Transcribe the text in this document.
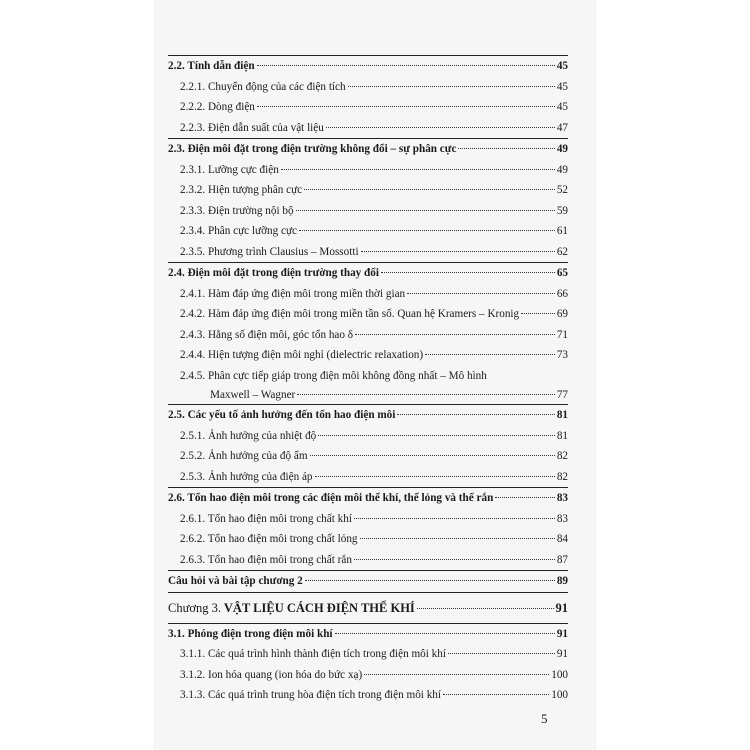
2.2. Tính dẫn điện	45
2.2.1. Chuyển động của các điện tích	45
2.2.2. Dòng điện	45
2.2.3. Điện dẫn suất của vật liệu	47
2.3. Điện môi đặt trong điện trường không đổi – sự phân cực	49
2.3.1. Lưỡng cực điện	49
2.3.2. Hiện tượng phân cực	52
2.3.3. Điện trường nội bộ	59
2.3.4. Phân cực lưỡng cực	61
2.3.5. Phương trình Clausius – Mossotti	62
2.4. Điện môi đặt trong điện trường thay đổi	65
2.4.1. Hàm đáp ứng điện môi trong miền thời gian	66
2.4.2. Hàm đáp ứng điện môi trong miền tần số. Quan hệ Kramers – Kronig	69
2.4.3. Hằng số điện môi, góc tổn hao δ	71
2.4.4. Hiện tượng điện môi nghỉ (dielectric relaxation)	73
2.4.5. Phân cực tiếp giáp trong điện môi không đồng nhất – Mô hình
Maxwell – Wagner	77
2.5. Các yếu tố ảnh hưởng đến tổn hao điện môi	81
2.5.1. Ảnh hưởng của nhiệt độ	81
2.5.2. Ảnh hưởng của độ ẩm	82
2.5.3. Ảnh hưởng của điện áp	82
2.6. Tổn hao điện môi trong các điện môi thể khí, thể lỏng và thể rắn	83
2.6.1. Tổn hao điện môi trong chất khí	83
2.6.2. Tổn hao điện môi trong chất lỏng	84
2.6.3. Tổn hao điện môi trong chất rắn	87
Câu hỏi và bài tập chương 2	89
Chương 3. VẬT LIỆU CÁCH ĐIỆN THỂ KHÍ	91
3.1. Phóng điện trong điện môi khí	91
3.1.1. Các quá trình hình thành điện tích trong điện môi khí	91
3.1.2. Ion hóa quang (ion hóa do bức xạ)	100
3.1.3. Các quá trình trung hòa điện tích trong điện môi khí	100
5
